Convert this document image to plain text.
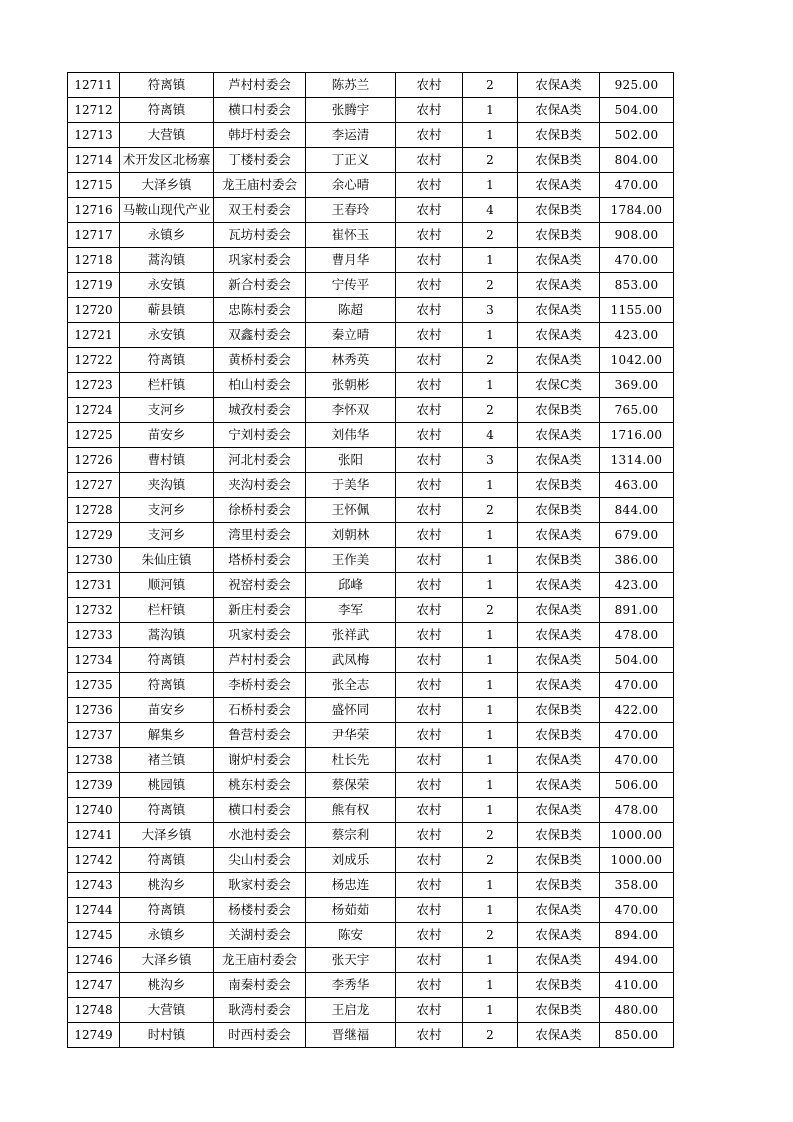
12711	符离镇	芦村村委会	陈苏兰	农村	2	农保A类	925.00
12712	符离镇	横口村委会	张腾宇	农村	1	农保A类	504.00
12713	大营镇	韩圩村委会	李运清	农村	1	农保B类	502.00
12714	术开发区北杨寨	丁楼村委会	丁正义	农村	2	农保B类	804.00
12715	大泽乡镇	龙王庙村委会	余心晴	农村	1	农保A类	470.00
12716	马鞍山现代产业	双王村委会	王春玲	农村	4	农保B类	1784.00
12717	永镇乡	瓦坊村委会	崔怀玉	农村	2	农保B类	908.00
12718	蒿沟镇	巩家村委会	曹月华	农村	1	农保A类	470.00
12719	永安镇	新合村委会	宁传平	农村	2	农保A类	853.00
12720	蕲县镇	忠陈村委会	陈超	农村	3	农保A类	1155.00
12721	永安镇	双鑫村委会	秦立晴	农村	1	农保A类	423.00
12722	符离镇	黄桥村委会	林秀英	农村	2	农保A类	1042.00
12723	栏杆镇	柏山村委会	张朝彬	农村	1	农保C类	369.00
12724	支河乡	城孜村委会	李怀双	农村	2	农保B类	765.00
12725	苗安乡	宁刘村委会	刘伟华	农村	4	农保A类	1716.00
12726	曹村镇	河北村委会	张阳	农村	3	农保A类	1314.00
12727	夹沟镇	夹沟村委会	于美华	农村	1	农保B类	463.00
12728	支河乡	徐桥村委会	王怀佩	农村	2	农保B类	844.00
12729	支河乡	湾里村委会	刘朝林	农村	1	农保A类	679.00
12730	朱仙庄镇	塔桥村委会	王作美	农村	1	农保B类	386.00
12731	顺河镇	祝窑村委会	邱峰	农村	1	农保A类	423.00
12732	栏杆镇	新庄村委会	李军	农村	2	农保A类	891.00
12733	蒿沟镇	巩家村委会	张祥武	农村	1	农保A类	478.00
12734	符离镇	芦村村委会	武凤梅	农村	1	农保A类	504.00
12735	符离镇	李桥村委会	张全志	农村	1	农保A类	470.00
12736	苗安乡	石桥村委会	盛怀同	农村	1	农保B类	422.00
12737	解集乡	鲁营村委会	尹华荣	农村	1	农保B类	470.00
12738	褚兰镇	谢炉村委会	杜长先	农村	1	农保A类	470.00
12739	桃园镇	桃东村委会	蔡保荣	农村	1	农保A类	506.00
12740	符离镇	横口村委会	熊有权	农村	1	农保A类	478.00
12741	大泽乡镇	水池村委会	蔡宗利	农村	2	农保B类	1000.00
12742	符离镇	尖山村委会	刘成乐	农村	2	农保B类	1000.00
12743	桃沟乡	耿家村委会	杨忠连	农村	1	农保B类	358.00
12744	符离镇	杨楼村委会	杨茹茹	农村	1	农保A类	470.00
12745	永镇乡	关湖村委会	陈安	农村	2	农保A类	894.00
12746	大泽乡镇	龙王庙村委会	张天宇	农村	1	农保A类	494.00
12747	桃沟乡	南秦村委会	李秀华	农村	1	农保B类	410.00
12748	大营镇	耿湾村委会	王启龙	农村	1	农保B类	480.00
12749	时村镇	时西村委会	晋继福	农村	2	农保A类	850.00
